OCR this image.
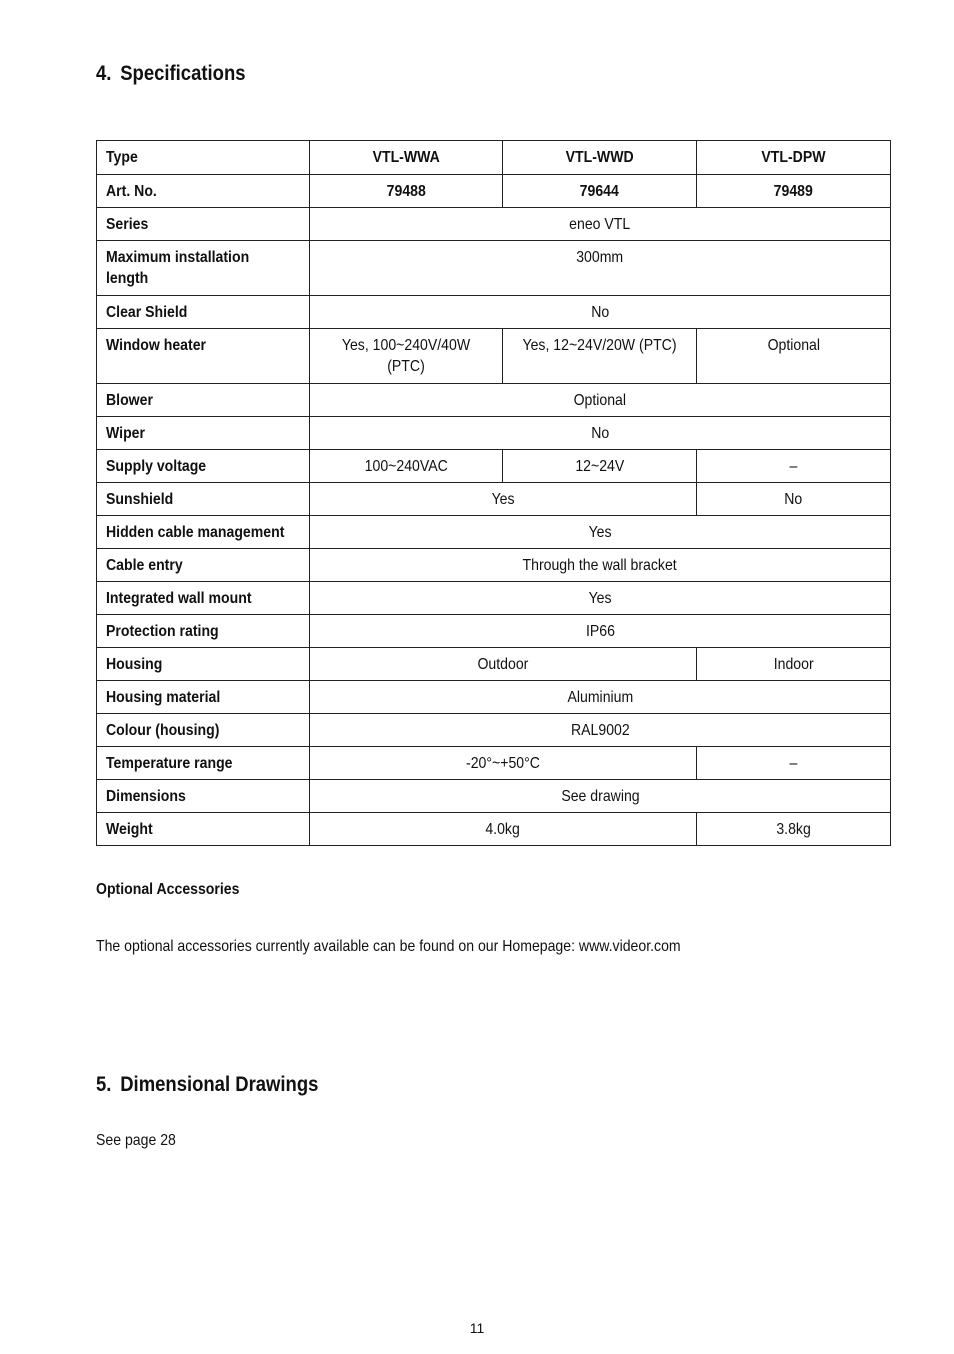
4. Specifications
Type	VTL-WWA	VTL-WWD	VTL-DPW

Art. No.	79488	79644	79489

Series	eneo VTL		

Maximum installation length	300mm		

Clear Shield	No		

Window heater	Yes, 100~240V/40W (PTC)	Yes, 12~24V/20W (PTC)	Optional

Blower	Optional		

Wiper	No		

Supply voltage	100~240VAC	12~24V	–

Sunshield	Yes		No

Hidden cable management	Yes		

Cable entry	Through the wall bracket		

Integrated wall mount	Yes		

Protection rating	IP66		

Housing	Outdoor		Indoor

Housing material	Aluminium		

Colour (housing)	RAL9002		

Temperature range	-20°~+50°C		–

Dimensions	See drawing		

Weight	4.0kg		3.8kg
Optional Accessories
The optional accessories currently available can be found on our Homepage: www.videor.com
5. Dimensional Drawings
See page 28
11
